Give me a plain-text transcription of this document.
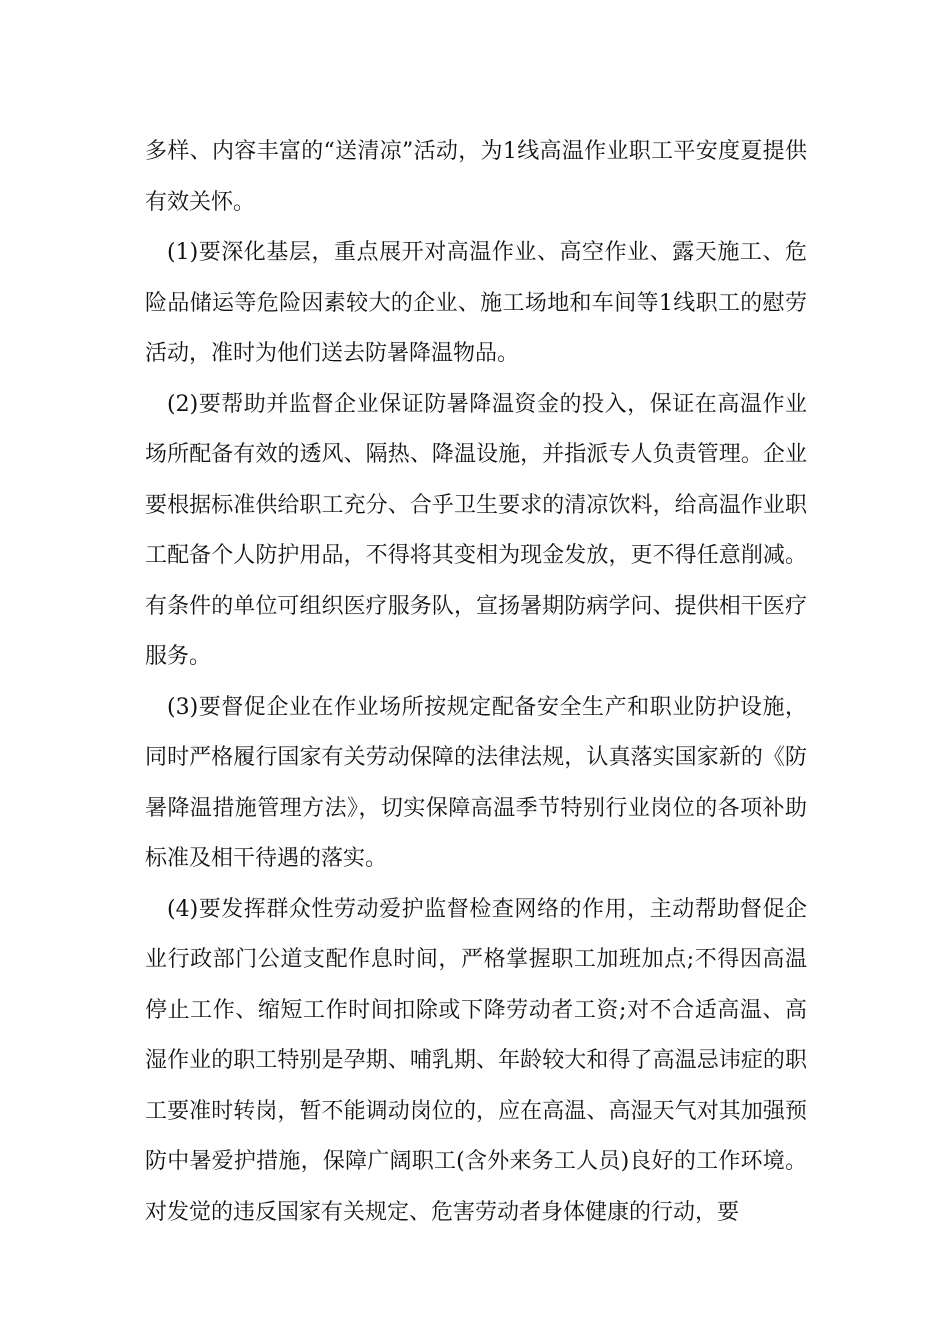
多样、内容丰富的“送清凉”活动，为1线高温作业职工平安度夏提供有效关怀。

(1)要深化基层，重点展开对高温作业、高空作业、露天施工、危险品储运等危险因素较大的企业、施工场地和车间等1线职工的慰劳活动，准时为他们送去防暑降温物品。

(2)要帮助并监督企业保证防暑降温资金的投入，保证在高温作业场所配备有效的透风、隔热、降温设施，并指派专人负责管理。企业要根据标准供给职工充分、合乎卫生要求的清凉饮料，给高温作业职工配备个人防护用品，不得将其变相为现金发放，更不得任意削减。有条件的单位可组织医疗服务队，宣扬暑期防病学问、提供相干医疗服务。

(3)要督促企业在作业场所按规定配备安全生产和职业防护设施，同时严格履行国家有关劳动保障的法律法规，认真落实国家新的《防暑降温措施管理方法》，切实保障高温季节特别行业岗位的各项补助标准及相干待遇的落实。

(4)要发挥群众性劳动爱护监督检查网络的作用，主动帮助督促企业行政部门公道支配作息时间，严格掌握职工加班加点;不得因高温停止工作、缩短工作时间扣除或下降劳动者工资;对不合适高温、高湿作业的职工特别是孕期、哺乳期、年龄较大和得了高温忌讳症的职工要准时转岗，暂不能调动岗位的，应在高温、高湿天气对其加强预防中暑爱护措施，保障广阔职工(含外来务工人员)良好的工作环境。对发觉的违反国家有关规定、危害劳动者身体健康的行动，要
